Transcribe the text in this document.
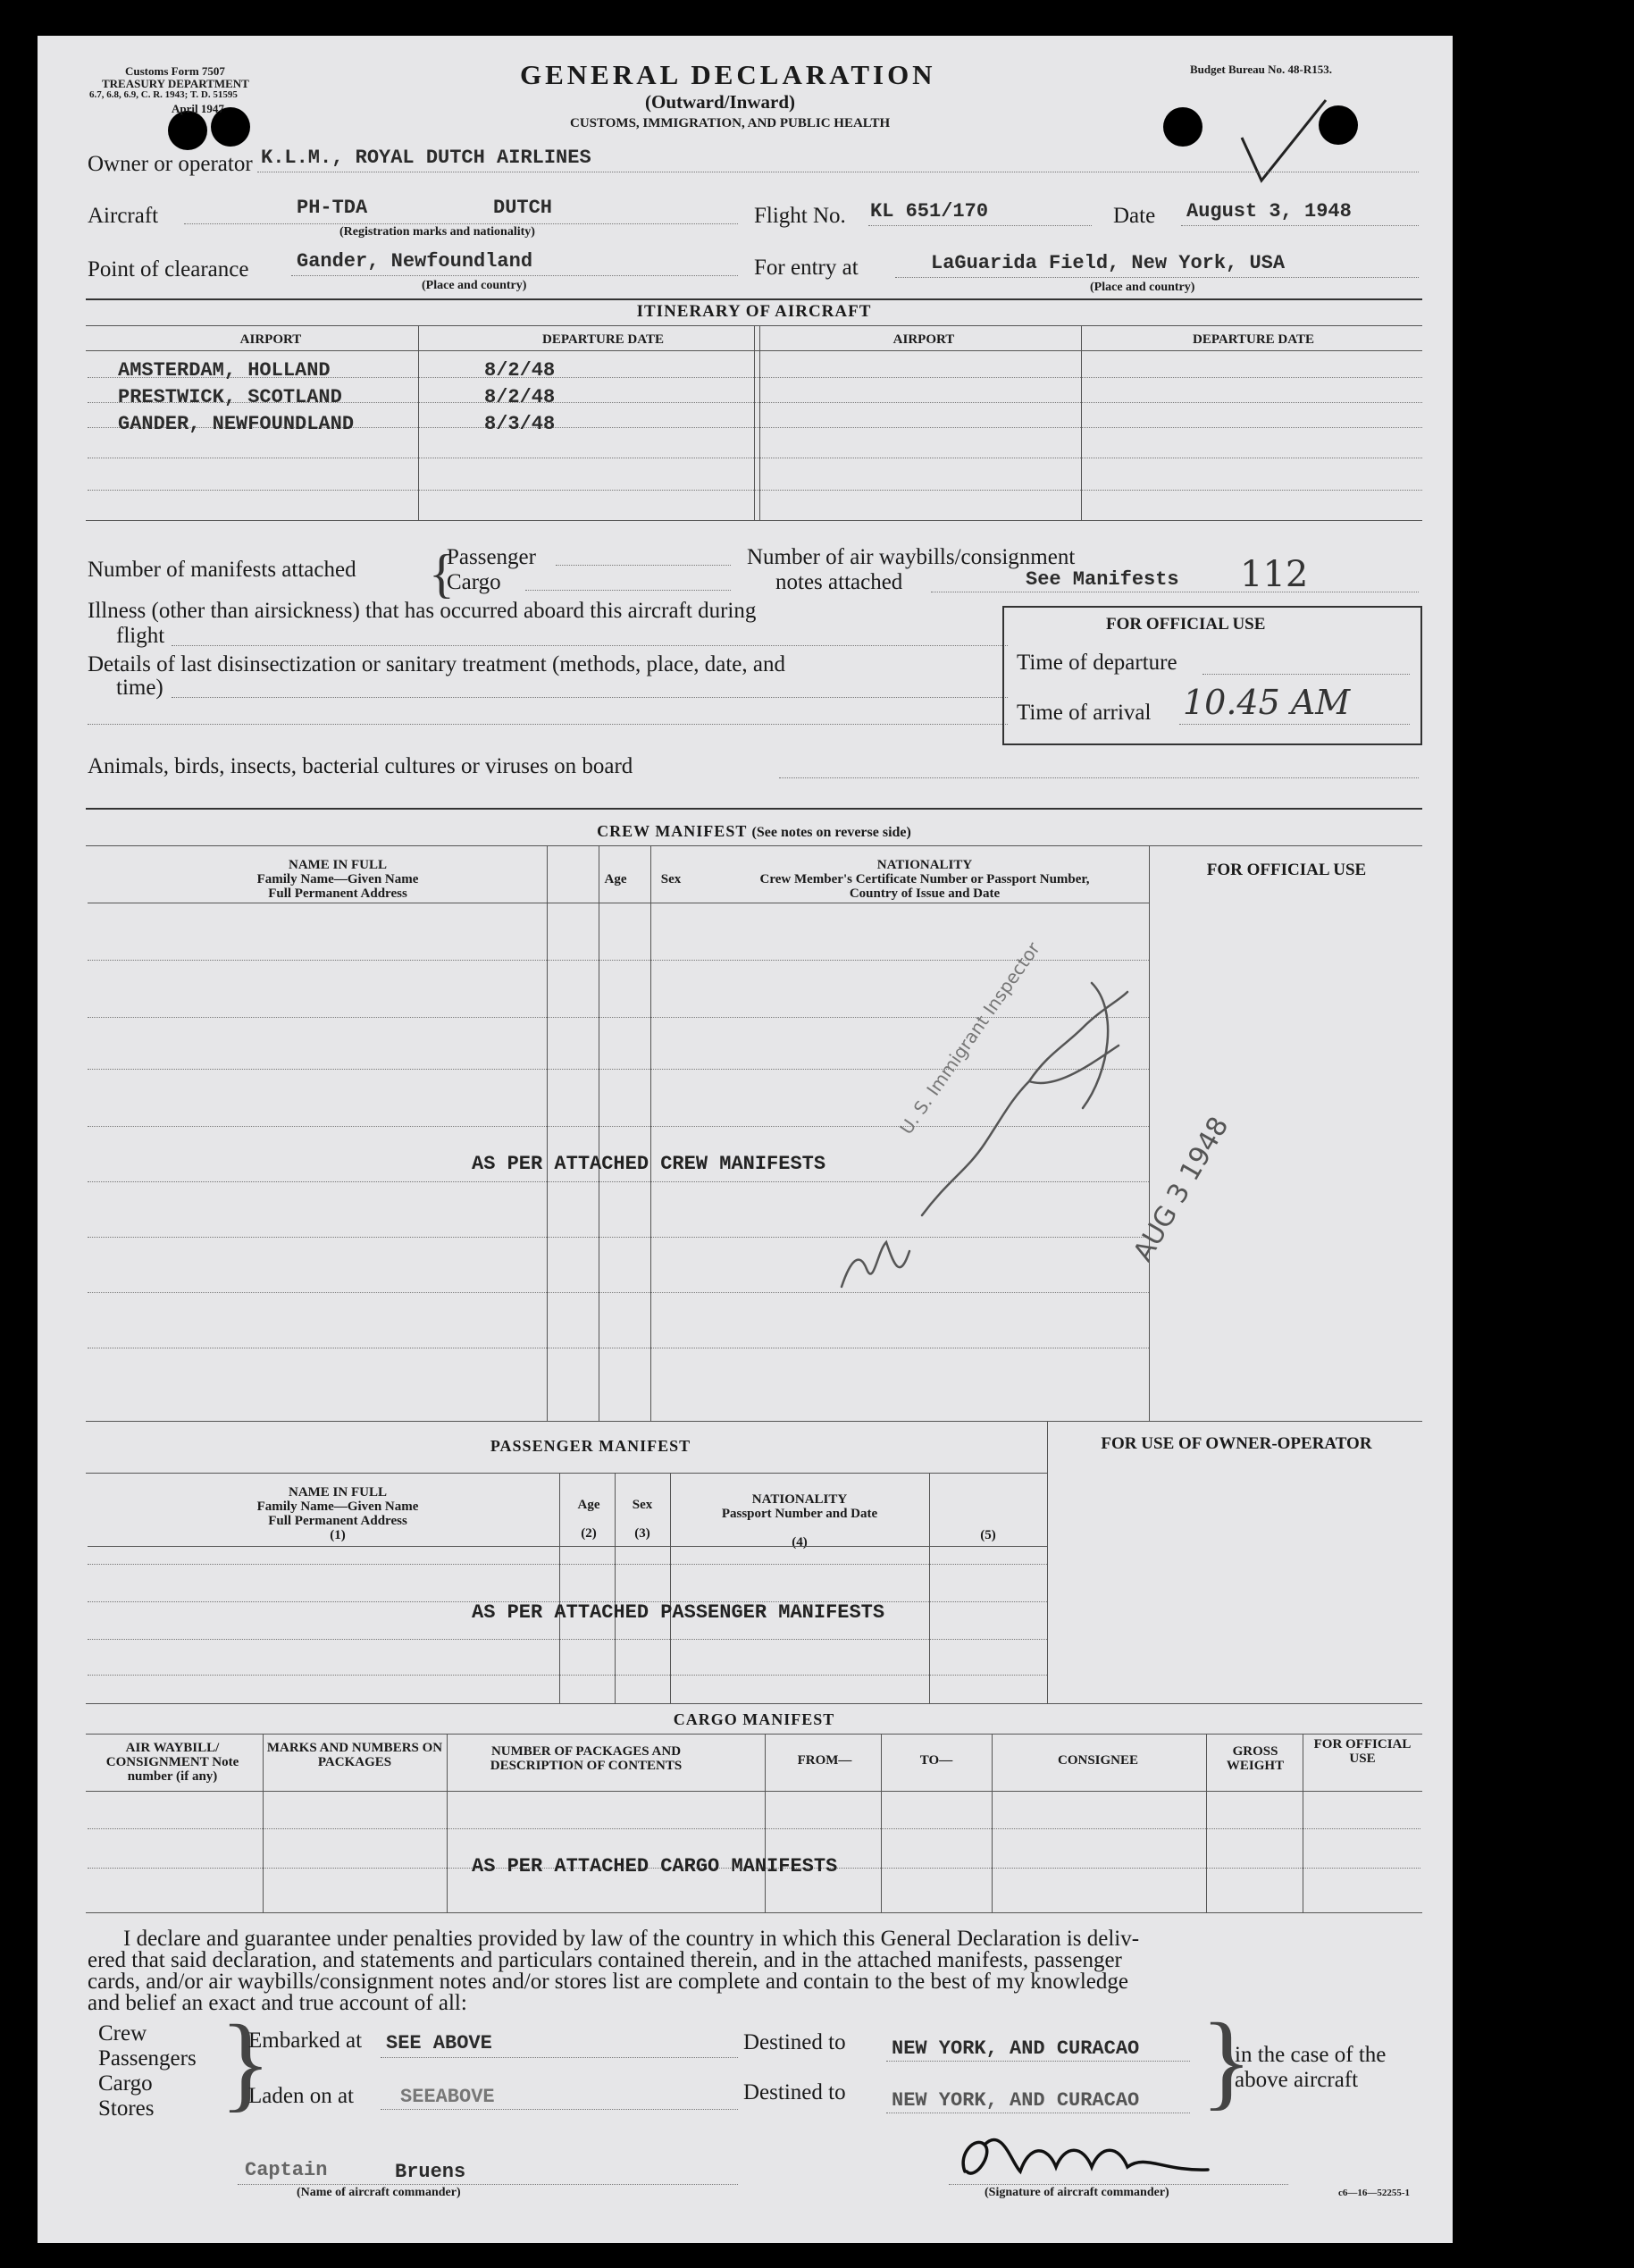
Customs Form 7507
TREASURY DEPARTMENT
6.7, 6.8, 6.9, C. R. 1943; T. D. 51595
April 1947
GENERAL DECLARATION
(Outward/Inward)
CUSTOMS, IMMIGRATION, AND PUBLIC HEALTH
Budget Bureau No. 48-R153.
Owner or operator K.L.M., ROYAL DUTCH AIRLINES
Aircraft	PH-TDA	DUTCH
(Registration marks and nationality)
Flight No. KL 651/170	Date August 3, 1948
Point of clearance Gander, Newfoundland
(Place and country)
For entry at	LaGuarida Field, New York, USA
(Place and country)
ITINERARY OF AIRCRAFT
AIRPORT	DEPARTURE DATE	AIRPORT	DEPARTURE DATE
AMSTERDAM, HOLLAND	8/2/48
PRESTWICK, SCOTLAND	8/2/48
GANDER, NEWFOUNDLAND	8/3/48
Number of manifests attached {
Passenger
Cargo
Number of air waybills/consignment
notes attached	See Manifests 112
Illness (other than airsickness) that has occurred aboard this aircraft during
flight
Details of last disinsectization or sanitary treatment (methods, place, date, and
time)
Animals, birds, insects, bacterial cultures or viruses on board
FOR OFFICIAL USE
Time of departure
Time of arrival 10.45 AM
CREW MANIFEST (See notes on reverse side)
NAME IN FULL
Family Name—Given Name
Full Permanent Address
Age	Sex
NATIONALITY
Crew Member's Certificate Number or Passport Number,
Country of Issue and Date
FOR OFFICIAL USE
AS PER ATTACHED CREW MANIFESTS
U. S. Immigrant Inspector
AUG 3 1948
PASSENGER MANIFEST
NAME IN FULL
Family Name—Given Name
Full Permanent Address
(1)
Age

(2)
Sex

(3)
NATIONALITY
Passport Number and Date

(4)	(5)
FOR USE OF OWNER-OPERATOR
AS PER ATTACHED PASSENGER MANIFESTS
CARGO MANIFEST
AIR WAYBILL/ CONSIGNMENT Note number (if any)
MARKS AND NUMBERS ON PACKAGES
NUMBER OF PACKAGES AND DESCRIPTION OF CONTENTS	FROM—	TO—	CONSIGNEE
GROSS WEIGHT
FOR OFFICIAL USE
AS PER ATTACHED CARGO MANIFESTS
I declare and guarantee under penalties provided by law of the country in which this General Declaration is deliv-
ered that said declaration, and statements and particulars contained therein, and in the attached manifests, passenger
cards, and/or air waybills/consignment notes and/or stores list are complete and contain to the best of my knowledge
and belief an exact and true account of all:
Crew
Passengers
Cargo
Stores }
Embarked at SEE ABOVE
Laden on at SEEABOVE
Destined to NEW YORK, AND CURACAO
Destined to NEW YORK, AND CURACAO }
in the case of the
above aircraft
Captain	Bruens
(Name of aircraft commander)	(Signature of aircraft commander)	c6—16—52255-1
